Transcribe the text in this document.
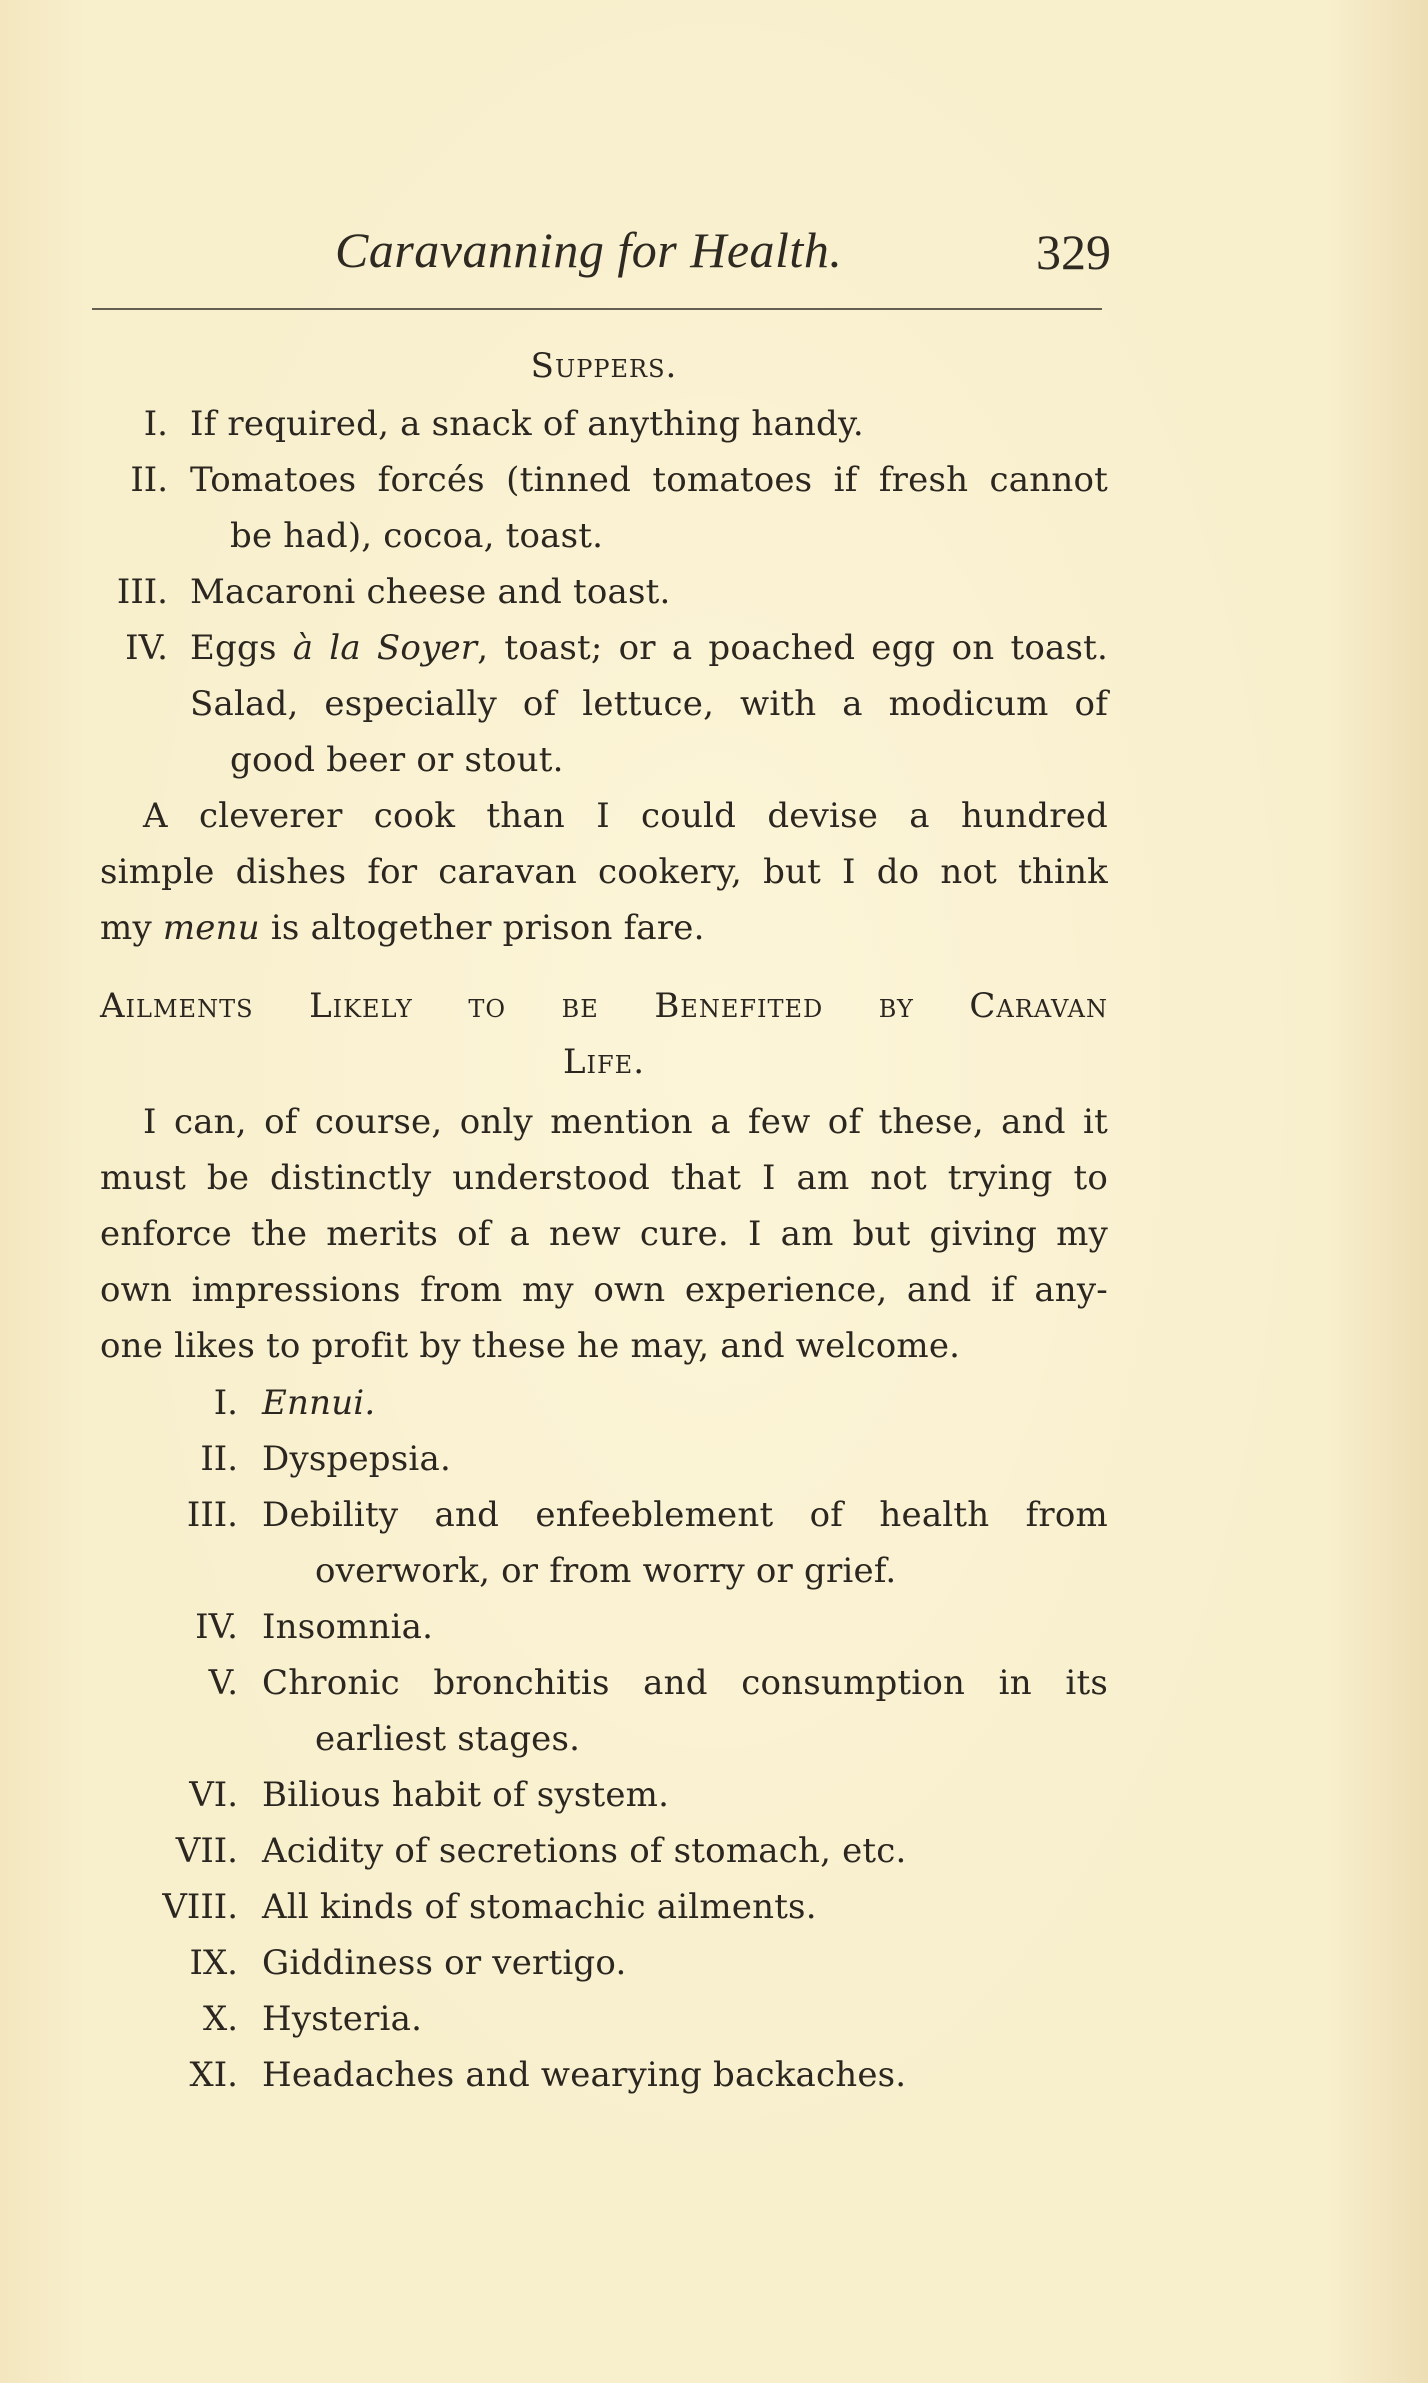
Caravanning for Health.	329
Suppers.
I. If required, a snack of anything handy.
II. Tomatoes forcés (tinned tomatoes if fresh cannot
be had), cocoa, toast.
III. Macaroni cheese and toast.
IV. Eggs à la Soyer, toast; or a poached egg on toast.
Salad, especially of lettuce, with a modicum of
good beer or stout.
A cleverer cook than I could devise a hundred
simple dishes for caravan cookery, but I do not think
my menu is altogether prison fare.
Ailments Likely to be Benefited by Caravan
Life.
I can, of course, only mention a few of these, and it
must be distinctly understood that I am not trying to
enforce the merits of a new cure. I am but giving my
own impressions from my own experience, and if any-
one likes to profit by these he may, and welcome.
I. Ennui.
II. Dyspepsia.
III. Debility and enfeeblement of health from
overwork, or from worry or grief.
IV. Insomnia.
V. Chronic bronchitis and consumption in its
earliest stages.
VI. Bilious habit of system.
VII. Acidity of secretions of stomach, etc.
VIII. All kinds of stomachic ailments.
IX. Giddiness or vertigo.
X. Hysteria.
XI. Headaches and wearying backaches.
